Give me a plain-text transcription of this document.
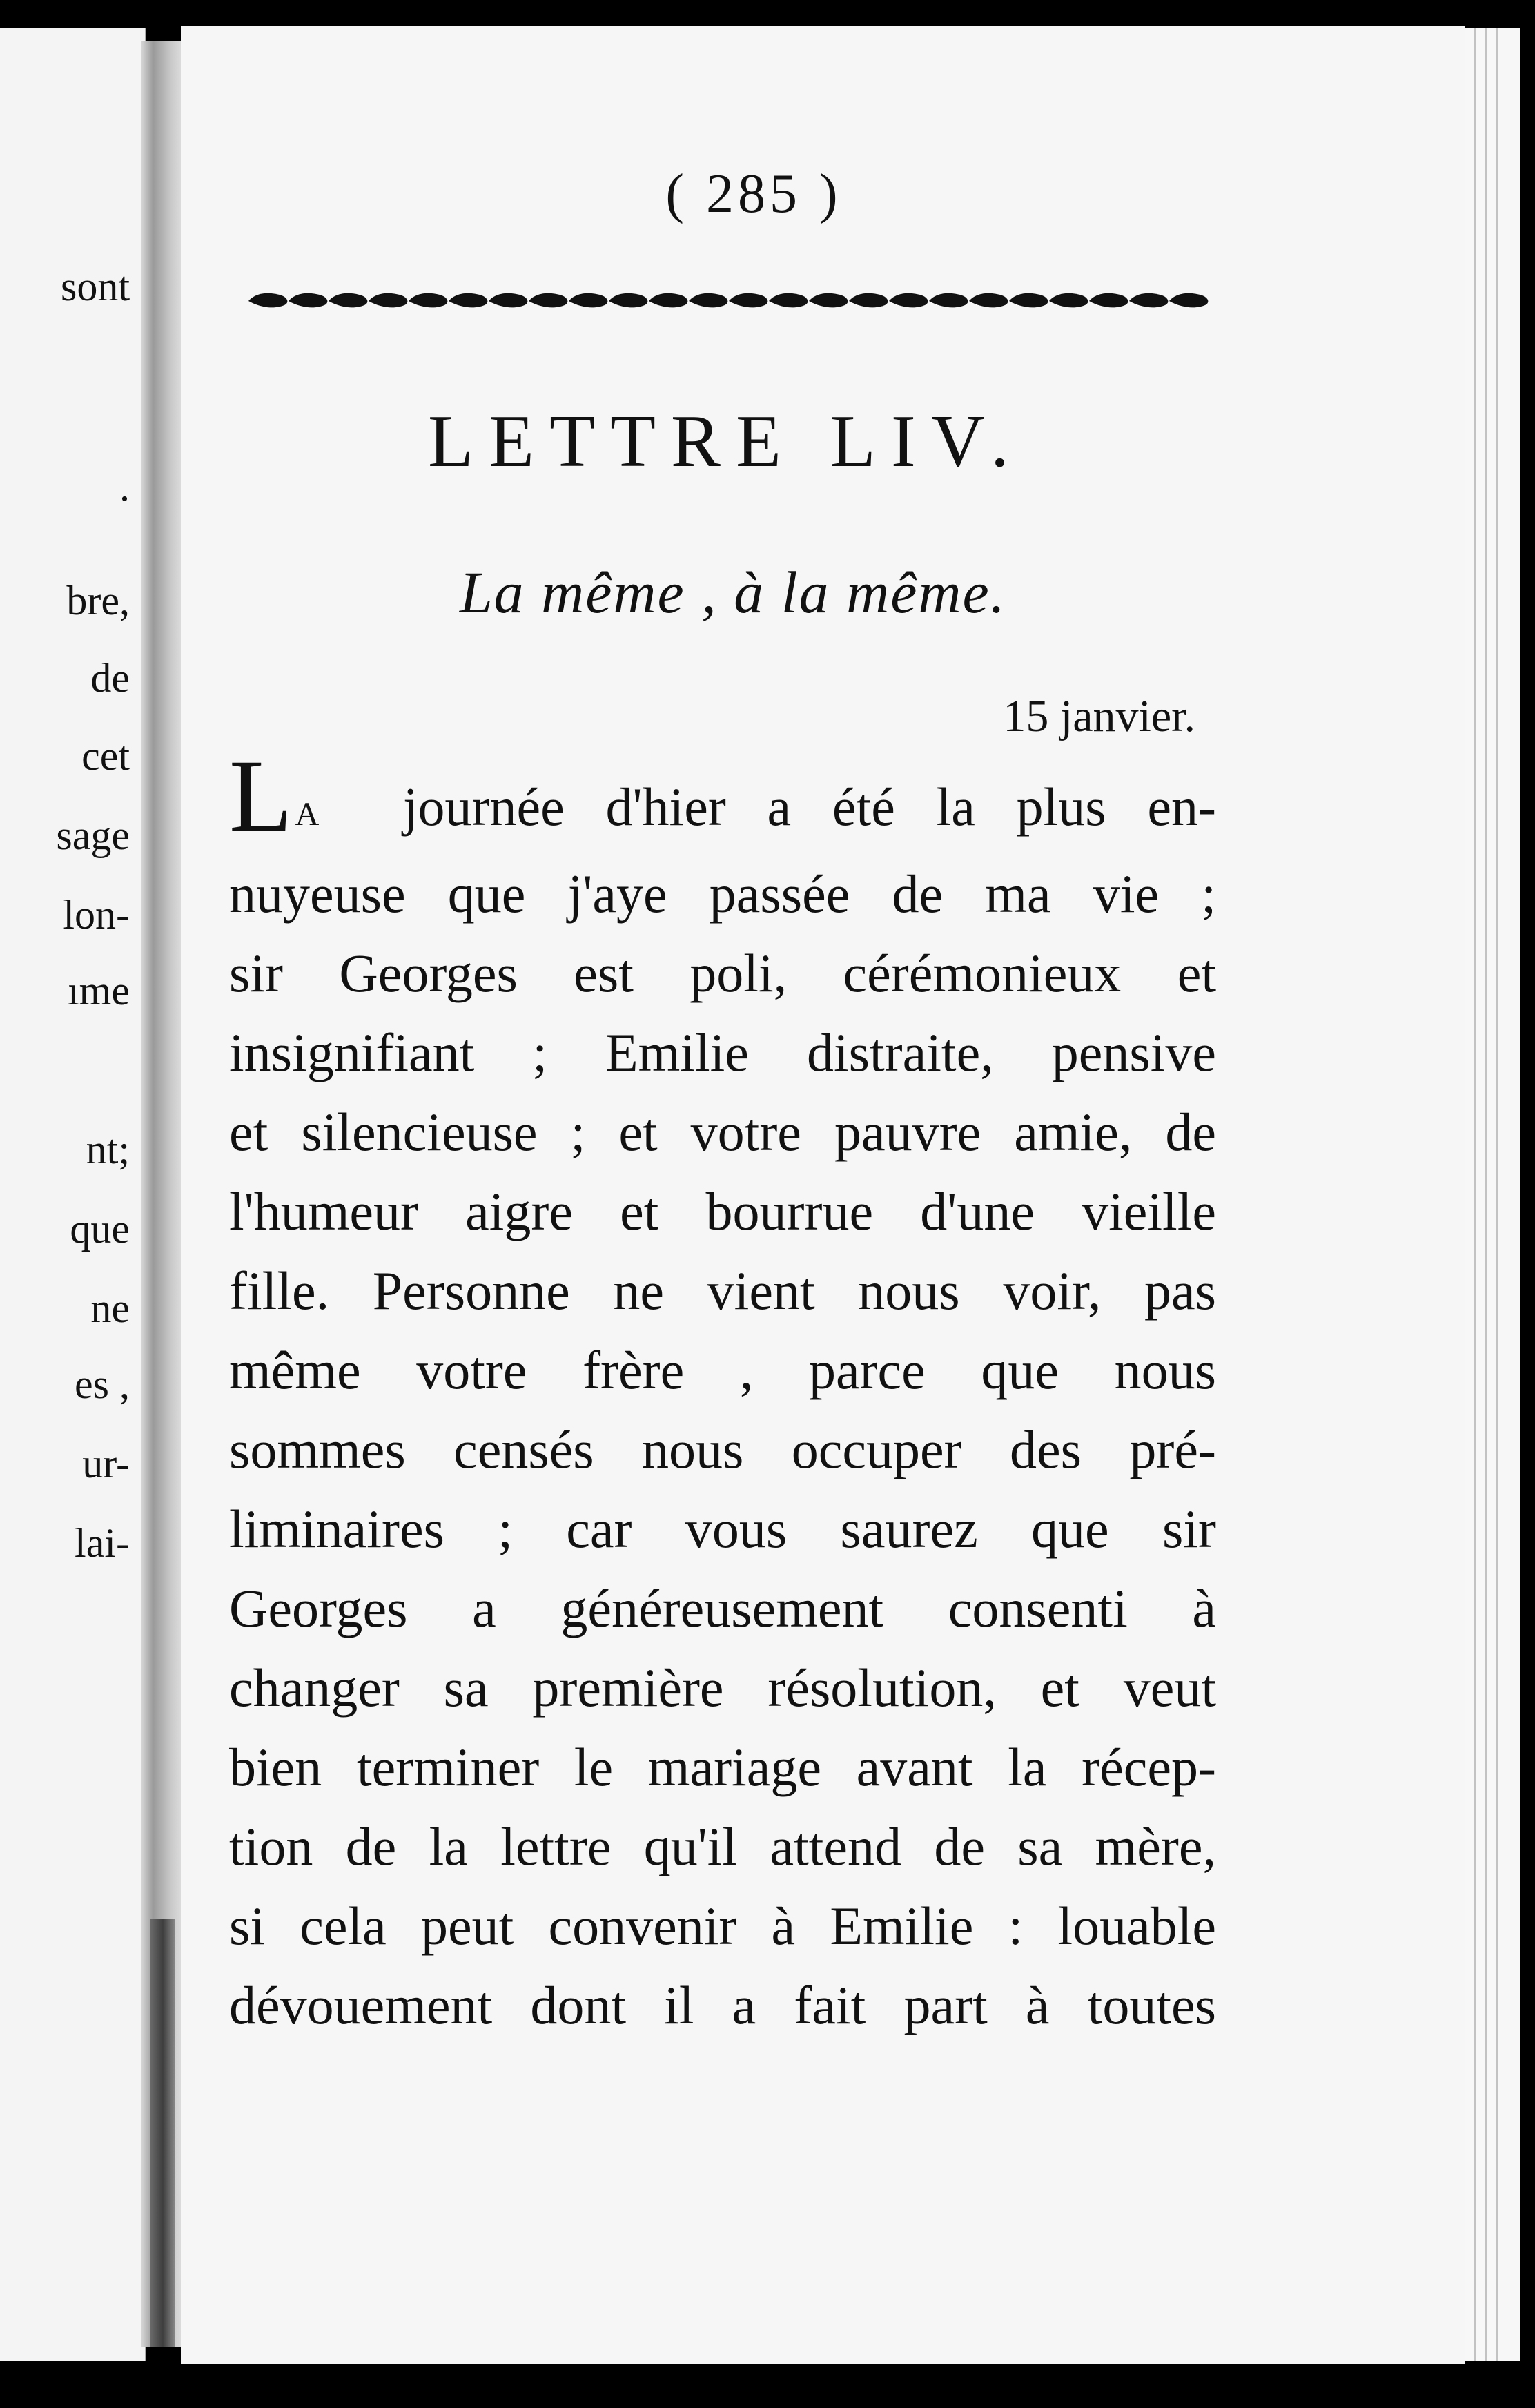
sont
.
bre,
de
cet
sage
lon-
ıme
nt;
que
ne
es ,
ur-
lai-
( 285 )
LETTRE LIV.
La même , à la même.
15 janvier.
LA journée d'hier a été la plus en-
nuyeuse que j'aye passée de ma vie ;
sir Georges est poli, cérémonieux et
insignifiant ; Emilie distraite, pensive
et silencieuse ; et votre pauvre amie, de
l'humeur aigre et bourrue d'une vieille
fille. Personne ne vient nous voir, pas
même votre frère , parce que nous
sommes censés nous occuper des pré-
liminaires ; car vous saurez que sir
Georges a généreusement consenti à
changer sa première résolution, et veut
bien terminer le mariage avant la récep-
tion de la lettre qu'il attend de sa mère,
si cela peut convenir à Emilie : louable
dévouement dont il a fait part à toutes
